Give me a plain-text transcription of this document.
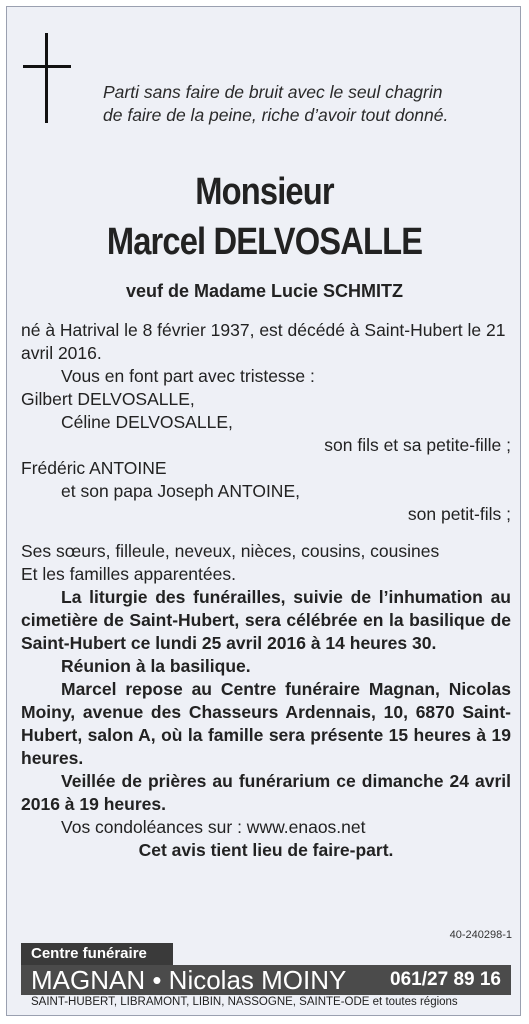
Parti sans faire de bruit avec le seul chagrin
de faire de la peine, riche d’avoir tout donné.
Monsieur
Marcel DELVOSALLE
veuf de Madame Lucie SCHMITZ

né à Hatrival le 8 février 1937, est décédé à Saint-Hubert le 21 avril 2016.

Vous en font part avec tristesse :

Gilbert DELVOSALLE,

Céline DELVOSALLE,

son fils et sa petite-fille ;

Frédéric ANTOINE

et son papa Joseph ANTOINE,

son petit-fils ;

Ses sœurs, filleule, neveux, nièces, cousins, cousines

Et les familles apparentées.

La liturgie des funérailles, suivie de l’inhumation au cimetière de Saint-Hubert, sera célébrée en la basilique de Saint-Hubert ce lundi 25 avril 2016 à 14 heures 30.

Réunion à la basilique.

Marcel repose au Centre funéraire Magnan, Nicolas Moiny, avenue des Chasseurs Ardennais, 10, 6870 Saint-Hubert, salon A, où la famille sera présente 15 heures à 19 heures.

Veillée de prières au funérarium ce dimanche 24 avril 2016 à 19 heures.

Vos condoléances sur : www.enaos.net

Cet avis tient lieu de faire-part.

40-240298-1
Centre funéraire
MAGNAN • Nicolas MOINY 061/27 89 16
SAINT-HUBERT, LIBRAMONT, LIBIN, NASSOGNE, SAINTE-ODE et toutes régions
